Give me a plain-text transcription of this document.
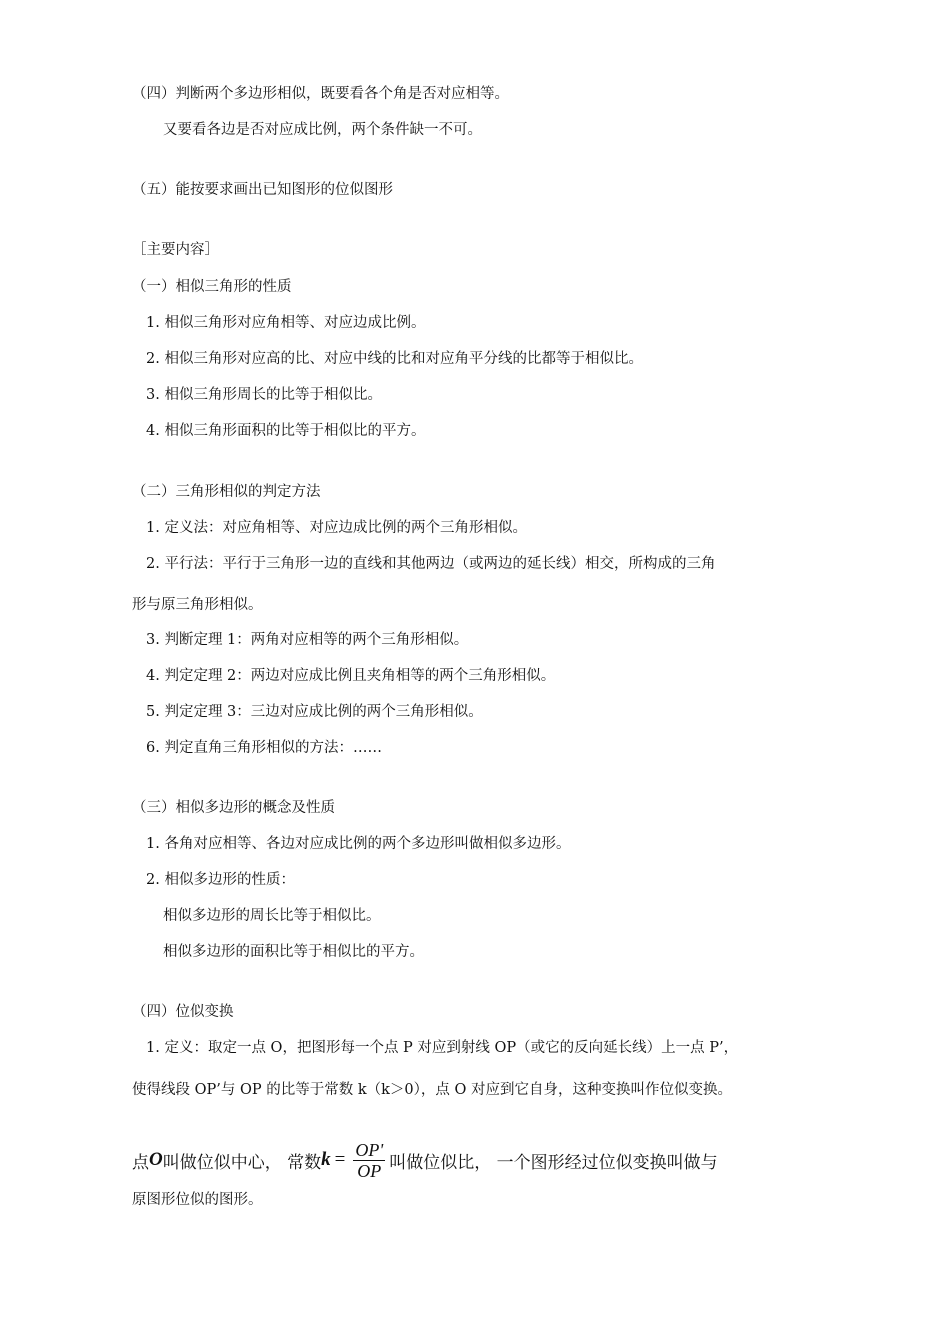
（四）判断两个多边形相似，既要看各个角是否对应相等。
又要看各边是否对应成比例，两个条件缺一不可。
（五）能按要求画出已知图形的位似图形
［主要内容］
（一）相似三角形的性质
1. 相似三角形对应角相等、对应边成比例。
2. 相似三角形对应高的比、对应中线的比和对应角平分线的比都等于相似比。
3. 相似三角形周长的比等于相似比。
4. 相似三角形面积的比等于相似比的平方。
（二）三角形相似的判定方法
1. 定义法：对应角相等、对应边成比例的两个三角形相似。
2. 平行法：平行于三角形一边的直线和其他两边（或两边的延长线）相交，所构成的三角
形与原三角形相似。
3. 判断定理 1：两角对应相等的两个三角形相似。
4. 判定定理 2：两边对应成比例且夹角相等的两个三角形相似。
5. 判定定理 3：三边对应成比例的两个三角形相似。
6. 判定直角三角形相似的方法：……
（三）相似多边形的概念及性质
1. 各角对应相等、各边对应成比例的两个多边形叫做相似多边形。
2. 相似多边形的性质：
相似多边形的周长比等于相似比。
相似多边形的面积比等于相似比的平方。
（四）位似变换
1. 定义：取定一点 O，把图形每一个点 P 对应到射线 OP（或它的反向延长线）上一点 P’，
使得线段 OP’与 OP 的比等于常数 k（k＞0），点 O 对应到它自身，这种变换叫作位似变换。
点 O 叫做位似中心， 常数 $k = \frac{OP'}{OP}$ 叫做位似比， 一个图形经过位似变换叫做与
原图形位似的图形。
